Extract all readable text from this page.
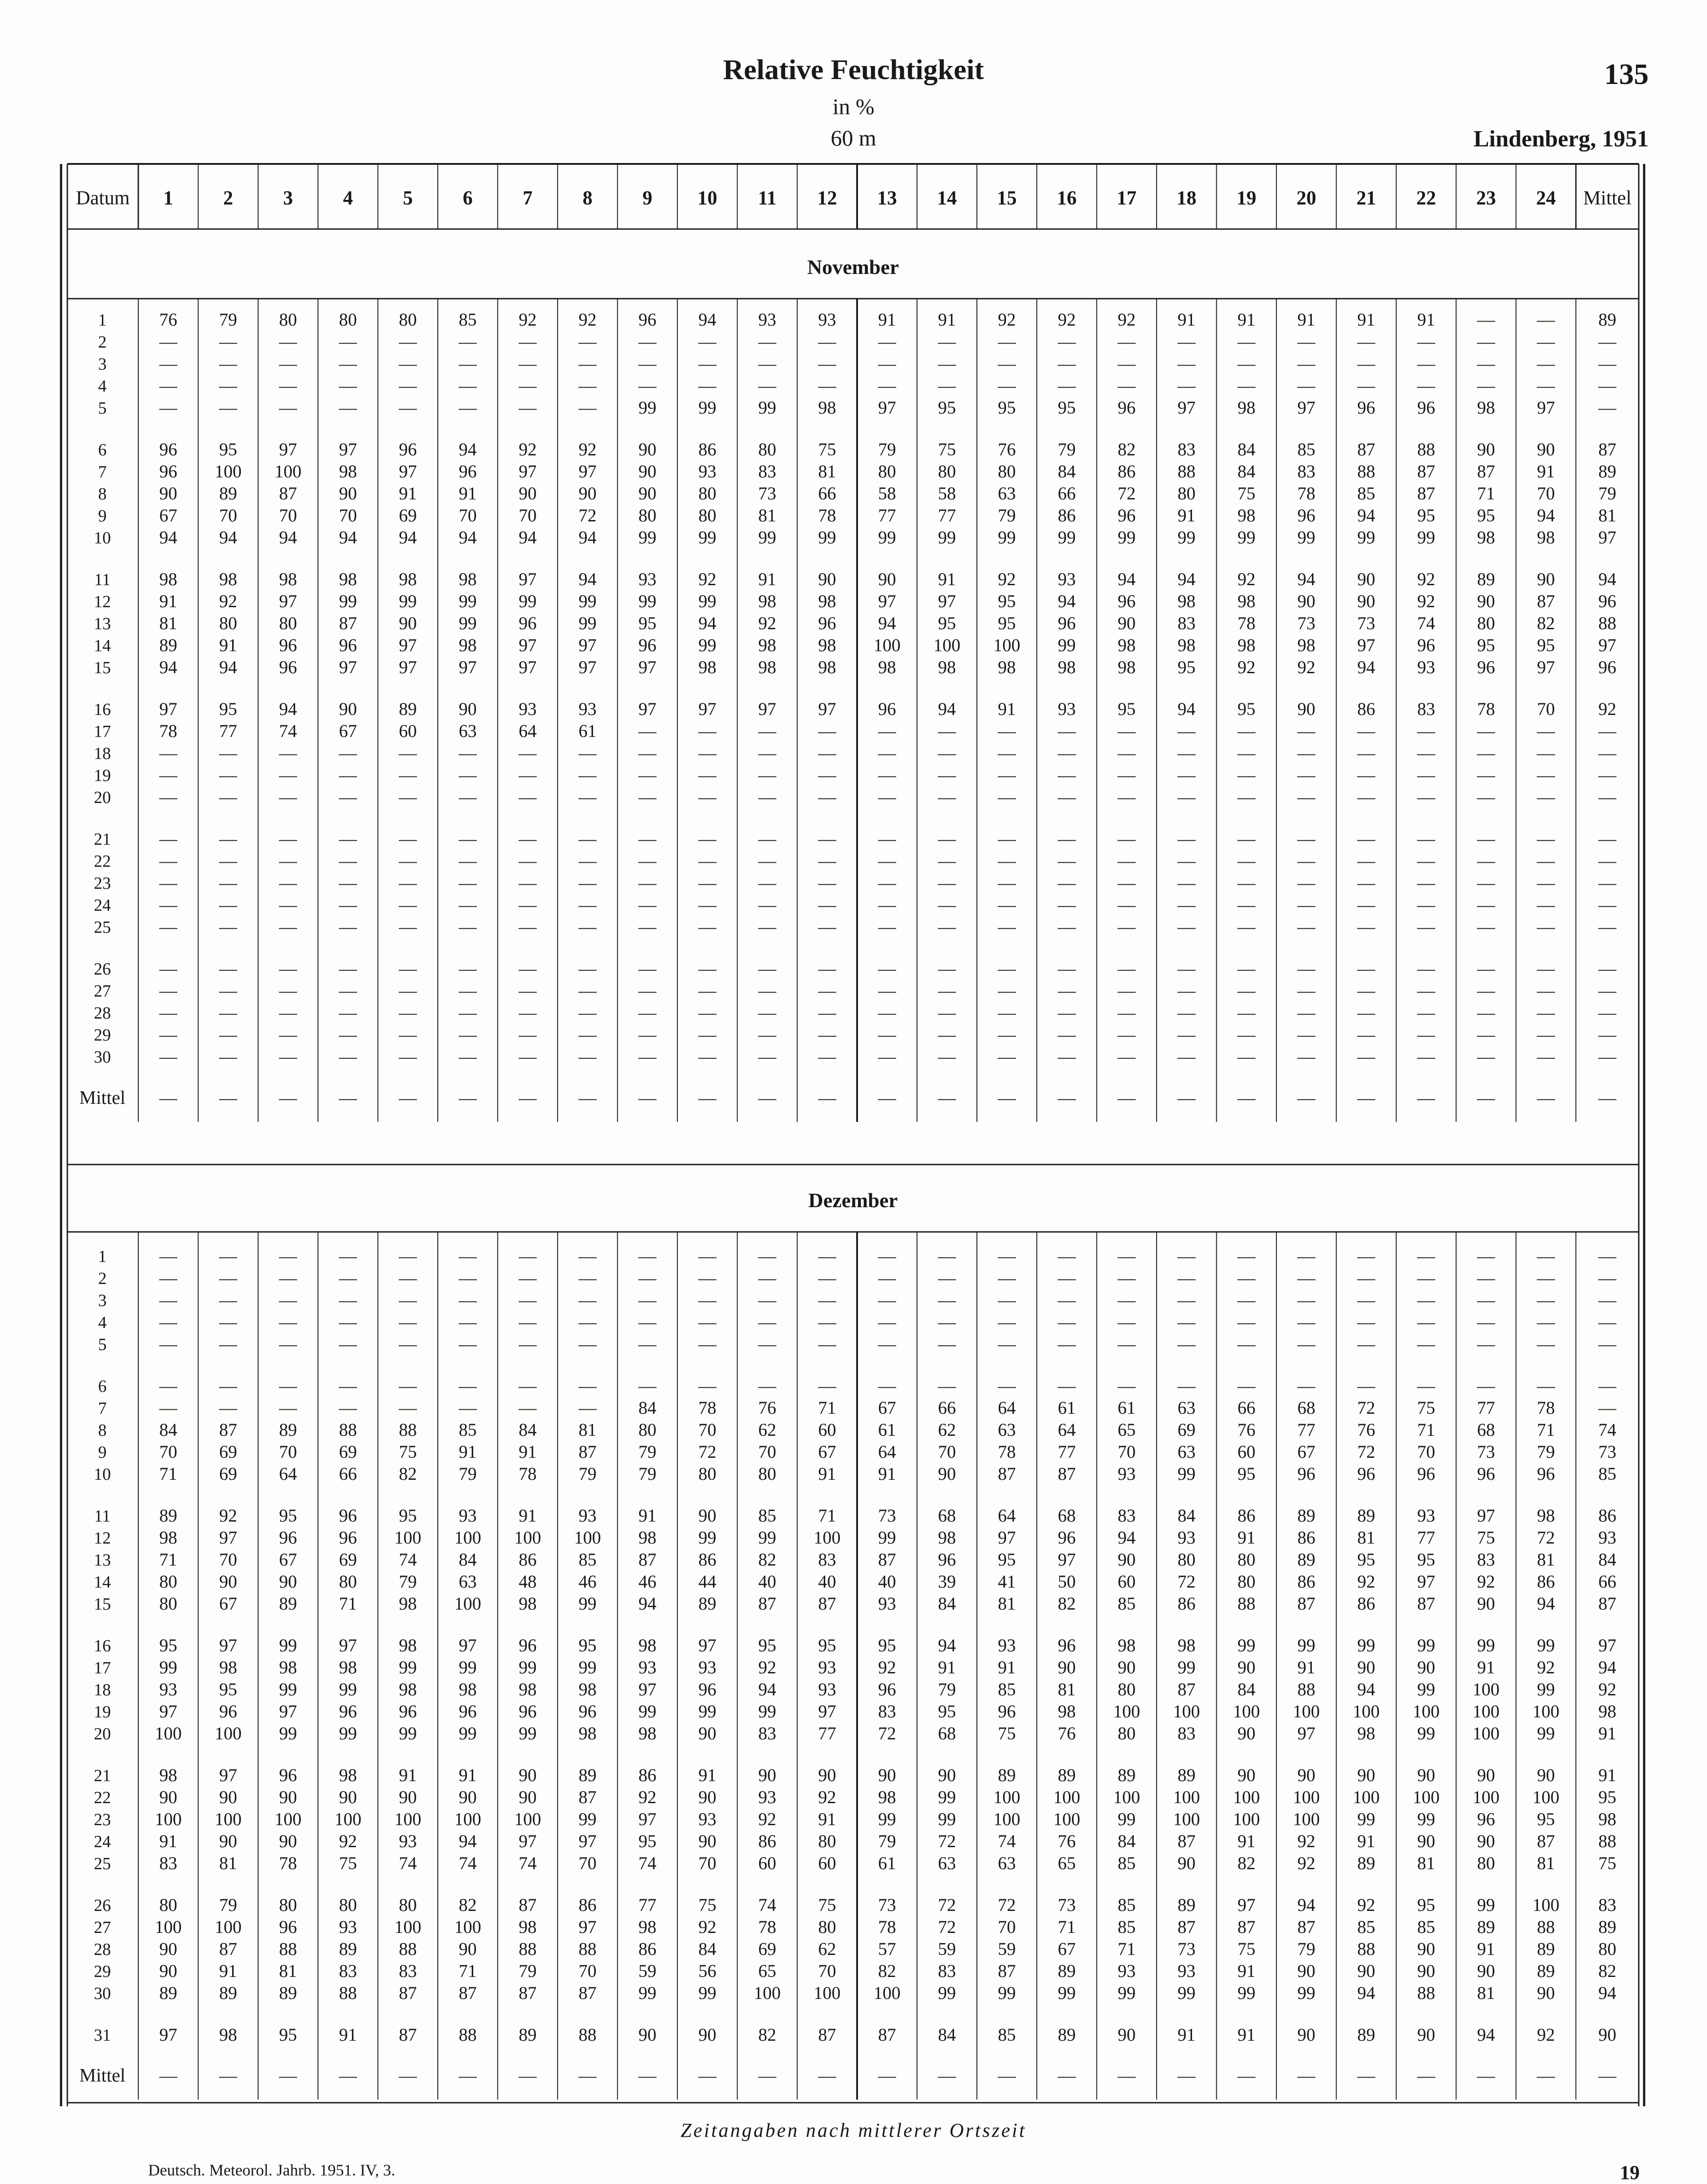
Relative Feuchtigkeit
in %
60 m
135
Lindenberg, 1951
Datum 1	2	3	4	5	6	7	8	9 10 11 12 13 14 15 16 17 18 19 20 21 22 23 24 Mittel
November
1	76 79 80 80 80 85 92 92 96 94 93 93 91 91 92 92 92 91 91 91 91 91 — — 89
2	— — — — — — — — — — — — — — — — — — — — — — — — —
3	— — — — — — — — — — — — — — — — — — — — — — — — —
4	— — — — — — — — — — — — — — — — — — — — — — — — —
5	— — — — — — — — 99 99 99 98 97 95 95 95 96 97 98 97 96 96 98 97 —
6	96 95 97 97 96 94 92 92 90 86 80 75 79 75 76 79 82 83 84 85 87 88 90 90 87
7	96 100 100 98 97 96 97 97 90 93 83 81 80 80 80 84 86 88 84 83 88 87 87 91 89
8	90 89 87 90 91 91 90 90 90 80 73 66 58 58 63 66 72 80 75 78 85 87 71 70 79
9	67 70 70 70 69 70 70 72 80 80 81 78 77 77 79 86 96 91 98 96 94 95 95 94 81
10	94 94 94 94 94 94 94 94 99 99 99 99 99 99 99 99 99 99 99 99 99 99 98 98 97
11	98 98 98 98 98 98 97 94 93 92 91 90 90 91 92 93 94 94 92 94 90 92 89 90 94
12	91 92 97 99 99 99 99 99 99 99 98 98 97 97 95 94 96 98 98 90 90 92 90 87 96
13	81 80 80 87 90 99 96 99 95 94 92 96 94 95 95 96 90 83 78 73 73 74 80 82 88
14	89 91 96 96 97 98 97 97 96 99 98 98 100 100 100 99 98 98 98 98 97 96 95 95 97
15	94 94 96 97 97 97 97 97 97 98 98 98 98 98 98 98 98 95 92 92 94 93 96 97 96
16	97 95 94 90 89 90 93 93 97 97 97 97 96 94 91 93 95 94 95 90 86 83 78 70 92
17	78 77 74 67 60 63 64 61 — — — — — — — — — — — — — — — — —
18	— — — — — — — — — — — — — — — — — — — — — — — — —
19	— — — — — — — — — — — — — — — — — — — — — — — — —
20	— — — — — — — — — — — — — — — — — — — — — — — — —
21	— — — — — — — — — — — — — — — — — — — — — — — — —
22	— — — — — — — — — — — — — — — — — — — — — — — — —
23	— — — — — — — — — — — — — — — — — — — — — — — — —
24	— — — — — — — — — — — — — — — — — — — — — — — — —
25	— — — — — — — — — — — — — — — — — — — — — — — — —
26	— — — — — — — — — — — — — — — — — — — — — — — — —
27	— — — — — — — — — — — — — — — — — — — — — — — — —
28	— — — — — — — — — — — — — — — — — — — — — — — — —
29	— — — — — — — — — — — — — — — — — — — — — — — — —
30	— — — — — — — — — — — — — — — — — — — — — — — — —
Mittel — — — — — — — — — — — — — — — — — — — — — — — — —
Dezember
1	— — — — — — — — — — — — — — — — — — — — — — — — —
2	— — — — — — — — — — — — — — — — — — — — — — — — —
3	— — — — — — — — — — — — — — — — — — — — — — — — —
4	— — — — — — — — — — — — — — — — — — — — — — — — —
5	— — — — — — — — — — — — — — — — — — — — — — — — —
6	— — — — — — — — — — — — — — — — — — — — — — — — —
7	— — — — — — — — 84 78 76 71 67 66 64 61 61 63 66 68 72 75 77 78 —
8	84 87 89 88 88 85 84 81 80 70 62 60 61 62 63 64 65 69 76 77 76 71 68 71 74
9	70 69 70 69 75 91 91 87 79 72 70 67 64 70 78 77 70 63 60 67 72 70 73 79 73
10	71 69 64 66 82 79 78 79 79 80 80 91 91 90 87 87 93 99 95 96 96 96 96 96 85
11	89 92 95 96 95 93 91 93 91 90 85 71 73 68 64 68 83 84 86 89 89 93 97 98 86
12	98 97 96 96 100 100 100 100 98 99 99 100 99 98 97 96 94 93 91 86 81 77 75 72 93
13	71 70 67 69 74 84 86 85 87 86 82 83 87 96 95 97 90 80 80 89 95 95 83 81 84
14	80 90 90 80 79 63 48 46 46 44 40 40 40 39 41 50 60 72 80 86 92 97 92 86 66
15	80 67 89 71 98 100 98 99 94 89 87 87 93 84 81 82 85 86 88 87 86 87 90 94 87
16	95 97 99 97 98 97 96 95 98 97 95 95 95 94 93 96 98 98 99 99 99 99 99 99 97
17	99 98 98 98 99 99 99 99 93 93 92 93 92 91 91 90 90 99 90 91 90 90 91 92 94
18	93 95 99 99 98 98 98 98 97 96 94 93 96 79 85 81 80 87 84 88 94 99 100 99 92
19	97 96 97 96 96 96 96 96 99 99 99 97 83 95 96 98 100 100 100 100 100 100 100 100 98
20 100 100 99 99 99 99 99 98 98 90 83 77 72 68 75 76 80 83 90 97 98 99 100 99 91
21	98 97 96 98 91 91 90 89 86 91 90 90 90 90 89 89 89 89 90 90 90 90 90 90 91
22	90 90 90 90 90 90 90 87 92 90 93 92 98 99 100 100 100 100 100 100 100 100 100 100 95
23 100 100 100 100 100 100 100 99 97 93 92 91 99 99 100 100 99 100 100 100 99 99 96 95 98
24	91 90 90 92 93 94 97 97 95 90 86 80 79 72 74 76 84 87 91 92 91 90 90 87 88
25	83 81 78 75 74 74 74 70 74 70 60 60 61 63 63 65 85 90 82 92 89 81 80 81 75
26	80 79 80 80 80 82 87 86 77 75 74 75 73 72 72 73 85 89 97 94 92 95 99 100 83
27 100 100 96 93 100 100 98 97 98 92 78 80 78 72 70 71 85 87 87 87 85 85 89 88 89
28	90 87 88 89 88 90 88 88 86 84 69 62 57 59 59 67 71 73 75 79 88 90 91 89 80
29	90 91 81 83 83 71 79 70 59 56 65 70 82 83 87 89 93 93 91 90 90 90 90 89 82
30	89 89 89 88 87 87 87 87 99 99 100 100 100 99 99 99 99 99 99 99 94 88 81 90 94
31	97 98 95 91 87 88 89 88 90 90 82 87 87 84 85 89 90 91 91 90 89 90 94 92 90
Mittel — — — — — — — — — — — — — — — — — — — — — — — — —
Zeitangaben nach mittlerer Ortszeit
Deutsch. Meteorol. Jahrb. 1951. IV, 3.	19
